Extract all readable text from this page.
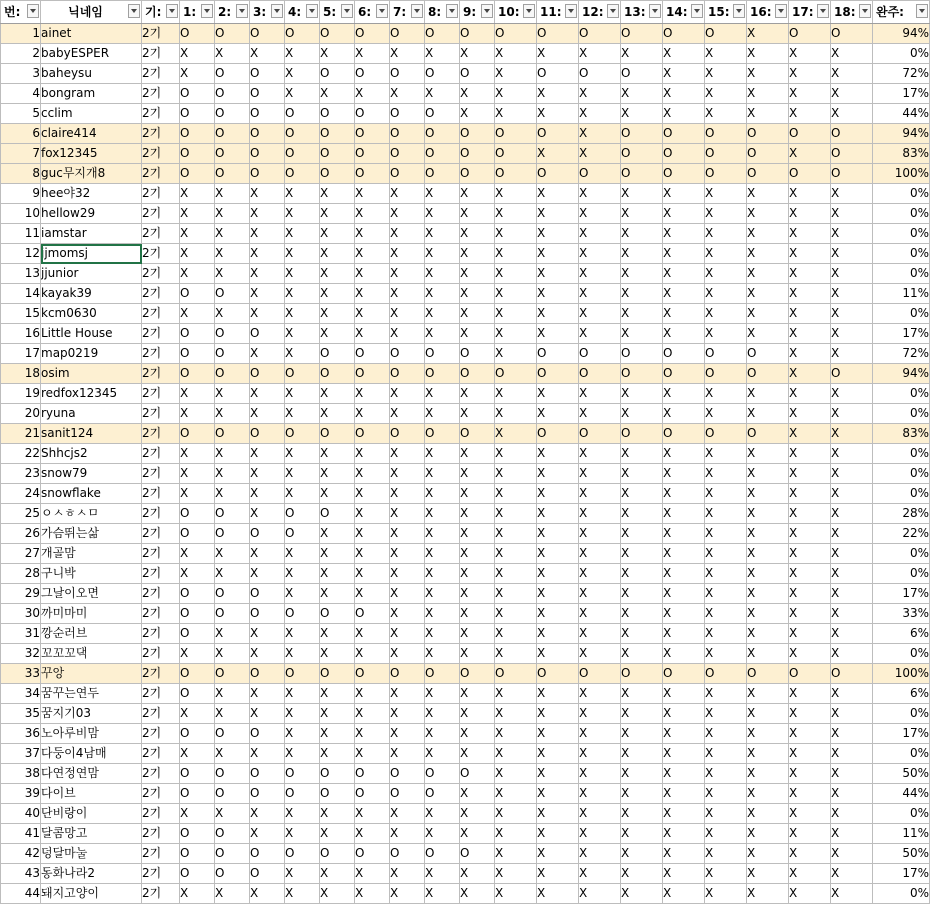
번:	닉네임	기:	1:	2:	3:	4:	5:	6:	7:	8:	9:	10:	11:	12:	13:	14:	15:	16:	17:	18:	완주:

1	ainet	2기	O	O	O	O	O	O	O	O	O	O	O	O	O	O	O	X	O	O	94%
2	babyESPER	2기	X	X	X	X	X	X	X	X	X	X	X	X	X	X	X	X	X	X	0%
3	baheysu	2기	X	O	O	X	O	O	O	O	O	X	O	O	O	X	X	X	X	X	72%
4	bongram	2기	O	O	O	X	X	X	X	X	X	X	X	X	X	X	X	X	X	X	17%
5	cclim	2기	O	O	O	O	O	O	O	O	X	X	X	X	X	X	X	X	X	X	44%
6	claire414	2기	O	O	O	O	O	O	O	O	O	O	O	X	O	O	O	O	O	O	94%
7	fox12345	2기	O	O	O	O	O	O	O	O	O	O	X	X	O	O	O	O	X	O	83%
8	guc무지개8	2기	O	O	O	O	O	O	O	O	O	O	O	O	O	O	O	O	O	O	100%
9	hee야32	2기	X	X	X	X	X	X	X	X	X	X	X	X	X	X	X	X	X	X	0%
10	hellow29	2기	X	X	X	X	X	X	X	X	X	X	X	X	X	X	X	X	X	X	0%
11	iamstar	2기	X	X	X	X	X	X	X	X	X	X	X	X	X	X	X	X	X	X	0%
12	jjmomsj	2기	X	X	X	X	X	X	X	X	X	X	X	X	X	X	X	X	X	X	0%
13	jjunior	2기	X	X	X	X	X	X	X	X	X	X	X	X	X	X	X	X	X	X	0%
14	kayak39	2기	O	O	X	X	X	X	X	X	X	X	X	X	X	X	X	X	X	X	11%
15	kcm0630	2기	X	X	X	X	X	X	X	X	X	X	X	X	X	X	X	X	X	X	0%
16	Little House	2기	O	O	O	X	X	X	X	X	X	X	X	X	X	X	X	X	X	X	17%
17	map0219	2기	O	O	X	X	O	O	O	O	O	X	O	O	O	O	O	O	X	X	72%
18	osim	2기	O	O	O	O	O	O	O	O	O	O	O	O	O	O	O	O	X	O	94%
19	redfox12345	2기	X	X	X	X	X	X	X	X	X	X	X	X	X	X	X	X	X	X	0%
20	ryuna	2기	X	X	X	X	X	X	X	X	X	X	X	X	X	X	X	X	X	X	0%
21	sanit124	2기	O	O	O	O	O	O	O	O	O	X	O	O	O	O	O	O	X	X	83%
22	Shhcjs2	2기	X	X	X	X	X	X	X	X	X	X	X	X	X	X	X	X	X	X	0%
23	snow79	2기	X	X	X	X	X	X	X	X	X	X	X	X	X	X	X	X	X	X	0%
24	snowflake	2기	X	X	X	X	X	X	X	X	X	X	X	X	X	X	X	X	X	X	0%
25	ㅇㅅㅎㅅㅁ	2기	O	O	X	O	O	X	X	X	X	X	X	X	X	X	X	X	X	X	28%
26	가슴뛰는삶	2기	O	O	O	O	X	X	X	X	X	X	X	X	X	X	X	X	X	X	22%
27	개골맘	2기	X	X	X	X	X	X	X	X	X	X	X	X	X	X	X	X	X	X	0%
28	구니박	2기	X	X	X	X	X	X	X	X	X	X	X	X	X	X	X	X	X	X	0%
29	그날이오면	2기	O	O	O	X	X	X	X	X	X	X	X	X	X	X	X	X	X	X	17%
30	까미마미	2기	O	O	O	O	O	O	X	X	X	X	X	X	X	X	X	X	X	X	33%
31	깡순러브	2기	O	X	X	X	X	X	X	X	X	X	X	X	X	X	X	X	X	X	6%
32	꼬꼬꼬댁	2기	X	X	X	X	X	X	X	X	X	X	X	X	X	X	X	X	X	X	0%
33	꾸앙	2기	O	O	O	O	O	O	O	O	O	O	O	O	O	O	O	O	O	O	100%
34	꿈꾸는연두	2기	O	X	X	X	X	X	X	X	X	X	X	X	X	X	X	X	X	X	6%
35	꿈지기03	2기	X	X	X	X	X	X	X	X	X	X	X	X	X	X	X	X	X	X	0%
36	노아루비맘	2기	O	O	O	X	X	X	X	X	X	X	X	X	X	X	X	X	X	X	17%
37	다둥이4남매	2기	X	X	X	X	X	X	X	X	X	X	X	X	X	X	X	X	X	X	0%
38	다연정연맘	2기	O	O	O	O	O	O	O	O	O	X	X	X	X	X	X	X	X	X	50%
39	다이브	2기	O	O	O	O	O	O	O	O	X	X	X	X	X	X	X	X	X	X	44%
40	단비랑이	2기	X	X	X	X	X	X	X	X	X	X	X	X	X	X	X	X	X	X	0%
41	달콤망고	2기	O	O	X	X	X	X	X	X	X	X	X	X	X	X	X	X	X	X	11%
42	덩달마눌	2기	O	O	O	O	O	O	O	O	O	X	X	X	X	X	X	X	X	X	50%
43	동화나라2	2기	O	O	O	X	X	X	X	X	X	X	X	X	X	X	X	X	X	X	17%
44	돼지고양이	2기	X	X	X	X	X	X	X	X	X	X	X	X	X	X	X	X	X	X	0%
